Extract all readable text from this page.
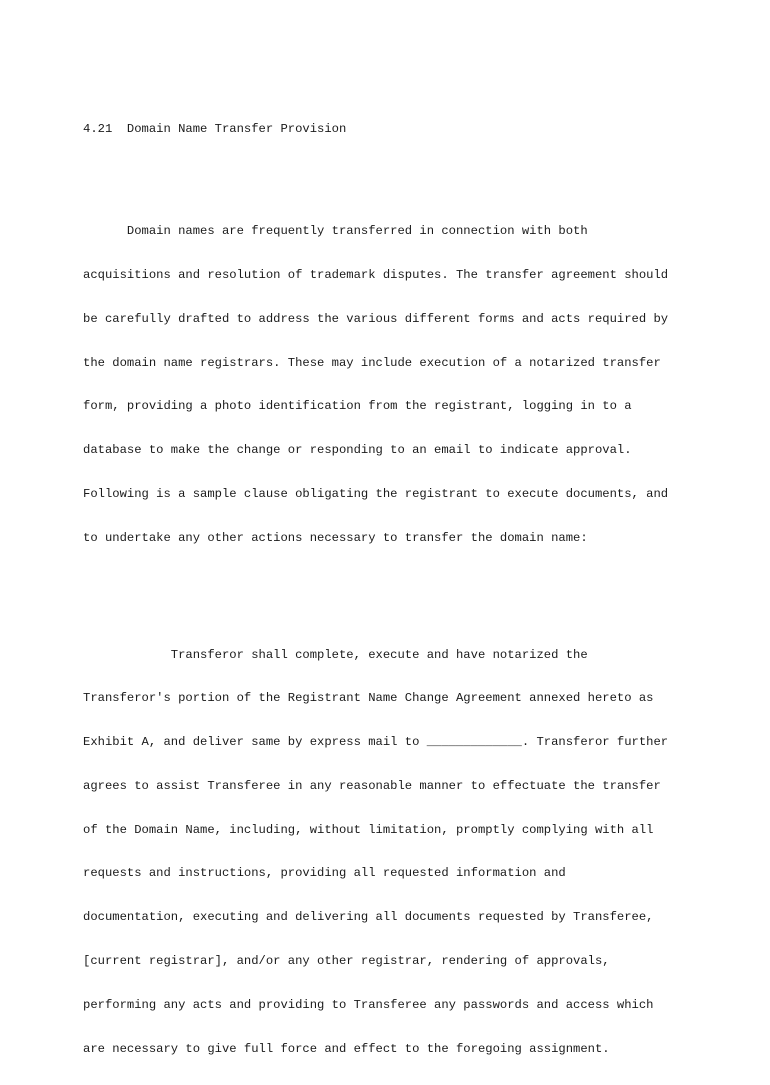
4.21  Domain Name Transfer Provision

Domain names are frequently transferred in connection with both

acquisitions and resolution of trademark disputes. The transfer agreement should

be carefully drafted to address the various different forms and acts required by

the domain name registrars. These may include execution of a notarized transfer

form, providing a photo identification from the registrant, logging in to a

database to make the change or responding to an email to indicate approval.

Following is a sample clause obligating the registrant to execute documents, and

to undertake any other actions necessary to transfer the domain name:

Transferor shall complete, execute and have notarized the

Transferor's portion of the Registrant Name Change Agreement annexed hereto as

Exhibit A, and deliver same by express mail to _____________. Transferor further

agrees to assist Transferee in any reasonable manner to effectuate the transfer

of the Domain Name, including, without limitation, promptly complying with all

requests and instructions, providing all requested information and

documentation, executing and delivering all documents requested by Transferee,

[current registrar], and/or any other registrar, rendering of approvals,

performing any acts and providing to Transferee any passwords and access which

are necessary to give full force and effect to the foregoing assignment.
